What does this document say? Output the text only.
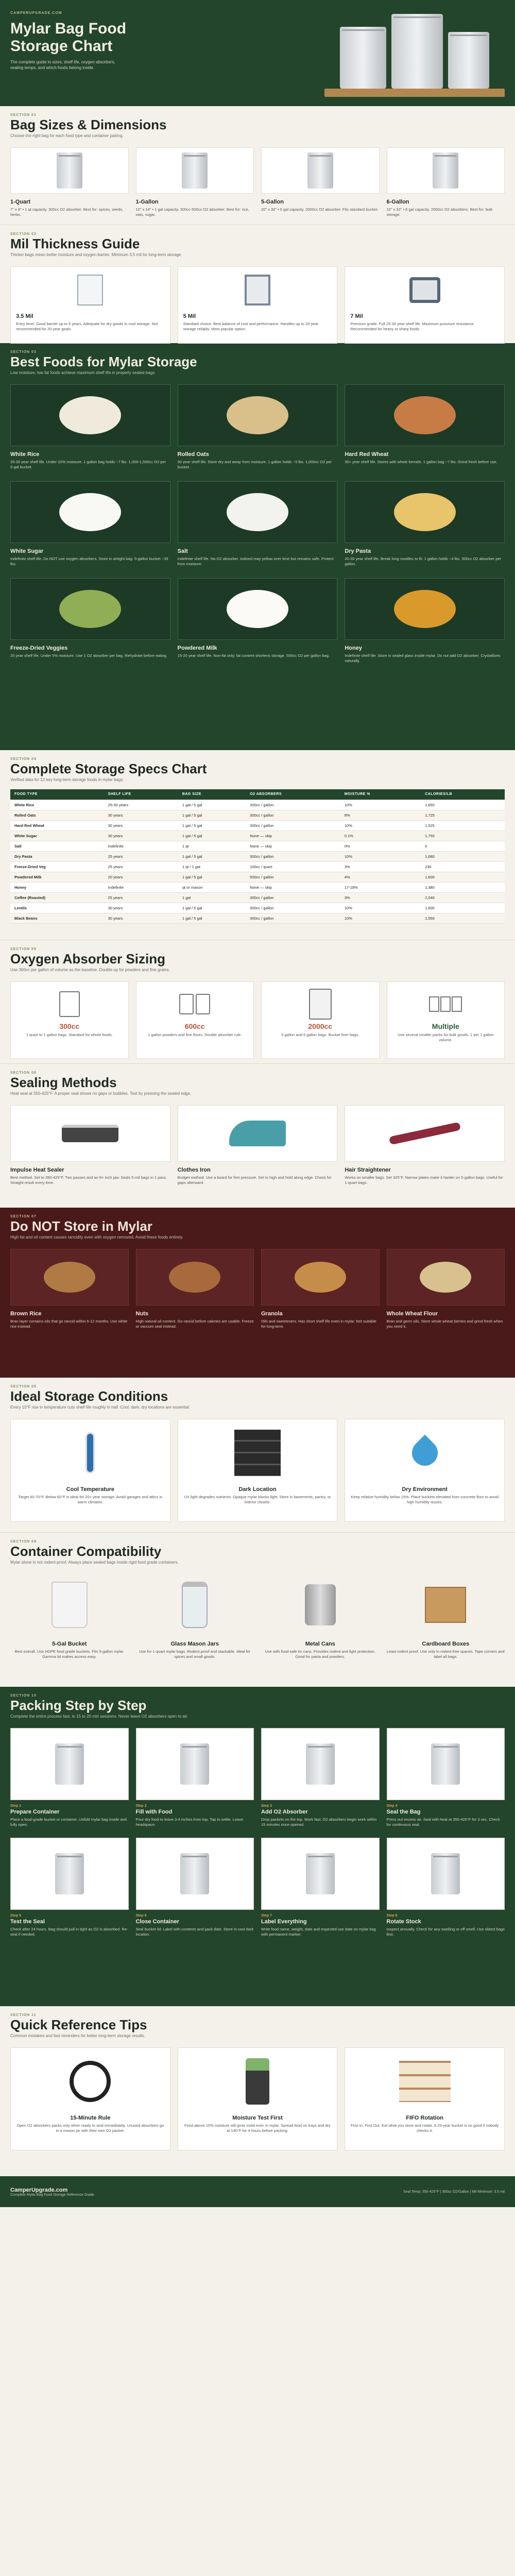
CAMPERUPGRADE.COM
Mylar Bag Food
Storage Chart
The complete guide to sizes, shelf life, oxygen absorbers, sealing temps, and which foods belong inside.
SECTION 01
Bag Sizes & Dimensions
Choose the right bag for each food type and container pairing.
1-Quart
7" x 8" • 1 qt capacity. 300cc O2 absorber. Best for: spices, seeds, herbs.
1-Gallon
10" x 14" • 1 gal capacity. 300cc-500cc O2 absorber. Best for: rice, oats, sugar.
5-Gallon
20" x 30" • 5 gal capacity. 2000cc O2 absorber. Fits standard bucket.
6-Gallon
22" x 32" • 6 gal capacity. 2000cc O2 absorbers. Best for: bulk storage.
SECTION 02
Mil Thickness Guide
Thicker bags mean better moisture and oxygen barrier. Minimum 3.5 mil for long-term storage.
3.5 Mil
Entry level. Good barrier up to 5 years. Adequate for dry goods in cool storage. Not recommended for 20-year goals.
5 Mil
Standard choice. Best balance of cost and performance. Handles up to 20-year storage reliably. Most popular option.
7 Mil
Premium grade. Full 25-30 year shelf life. Maximum puncture resistance. Recommended for heavy or sharp foods.
SECTION 03
Best Foods for Mylar Storage
Low moisture, low fat foods achieve maximum shelf life in properly sealed bags.
White Rice
25-30 year shelf life. Under 10% moisture. 1 gallon bag holds ~7 lbs. 1,000-1,500cc O2 per 5-gal bucket.
Rolled Oats
30 year shelf life. Store dry and away from moisture. 1 gallon holds ~3 lbs. 1,000cc O2 per bucket.
Hard Red Wheat
30+ year shelf life. Stores with whole kernels. 1 gallon bag ~7 lbs. Grind fresh before use.
White Sugar
Indefinite shelf life. Do NOT use oxygen absorbers. Store in airtight bag. 5-gallon bucket ~35 lbs.
Salt
Indefinite shelf life. No O2 absorber. Iodized may yellow over time but remains safe. Protect from moisture.
Dry Pasta
20-30 year shelf life. Break long noodles to fit. 1 gallon holds ~4 lbs. 300cc O2 absorber per gallon.
Freeze-Dried Veggies
25 year shelf life. Under 5% moisture. Use 1 O2 absorber per bag. Rehydrate before eating.
Powdered Milk
15-20 year shelf life. Non-fat only; fat content shortens storage. 500cc O2 per gallon bag.
Honey
Indefinite shelf life. Store in sealed glass inside mylar. Do not add O2 absorber. Crystallizes naturally.
SECTION 04
Complete Storage Specs Chart
Verified data for 12 key long-term storage foods in mylar bags.
FOOD TYPE	SHELF LIFE	BAG SIZE	O2 ABSORBERS	MOISTURE %	CALORIES/LB
White Rice	25-30 years	1 gal / 5 gal	300cc / gallon	10%	1,650
Rolled Oats	30 years	1 gal / 5 gal	300cc / gallon	8%	1,725
Hard Red Wheat	30 years	1 gal / 5 gal	300cc / gallon	10%	1,525
White Sugar	30 years	1 gal / 5 gal	None — skip	0.1%	1,750
Salt	Indefinite	1 qt	None — skip	0%	0
Dry Pasta	25 years	1 gal / 5 gal	300cc / gallon	10%	1,680
Freeze-Dried Veg	25 years	1 qt / 1 gal	100cc / quart	3%	230
Powdered Milk	20 years	1 gal / 5 gal	500cc / gallon	4%	1,600
Honey	Indefinite	qt or mason	None — skip	17-18%	1,380
Coffee (Roasted)	25 years	1 gal	300cc / gallon	3%	2,040
Lentils	30 years	1 gal / 5 gal	300cc / gallon	10%	1,600
Black Beans	30 years	1 gal / 5 gal	300cc / gallon	10%	1,550
SECTION 05
Oxygen Absorber Sizing
Use 300cc per gallon of volume as the baseline. Double up for powders and fine grains.
300cc
1 quart to 1 gallon bags. Standard for whole foods.
600cc
1 gallon powders and fine flours. Double absorber rule.
2000cc
5 gallon and 6 gallon bags. Bucket liner bags.
Multiple
Use several smaller packs for bulk goods. 1 per 1 gallon volume.
SECTION 06
Sealing Methods
Heat seal at 350-425°F. A proper seal shows no gaps or bubbles. Test by pressing the sealed edge.
Impulse Heat Sealer
Best method. Set to 350-425°F. Two passes and an 8+ inch jaw. Seals 5-mil bags in 1 pass. Straight result every time.
Clothes Iron
Budget method. Use a board for firm pressure. Set to high and hold along edge. Check for gaps afterward.
Hair Straightener
Works on smaller bags. Set 325°F. Narrow plates make it harder on 5-gallon bags. Useful for 1-quart bags.
SECTION 07
Do NOT Store in Mylar
High fat and oil content causes rancidity even with oxygen removed. Avoid these foods entirely.
Brown Rice
Bran layer contains oils that go rancid within 6-12 months. Use white rice instead.
Nuts
High natural oil content. Go rancid before calories are usable. Freeze or vacuum seal instead.
Granola
Oils and sweeteners. Has short shelf life even in mylar. Not suitable for long-term.
Whole Wheat Flour
Bran and germ oils. Store whole wheat berries and grind fresh when you need it.
SECTION 08
Ideal Storage Conditions
Every 10°F rise in temperature cuts shelf life roughly in half. Cool, dark, dry locations are essential.
Cool Temperature
Target 40-70°F. Below 60°F is ideal for 20+ year storage. Avoid garages and attics in warm climates.
Dark Location
UV light degrades nutrients. Opaque mylar blocks light. Store in basements, pantry, or interior closets.
Dry Environment
Keep relative humidity below 15%. Place buckets elevated from concrete floor to avoid high humidity issues.
SECTION 09
Container Compatibility
Mylar alone is not rodent-proof. Always place sealed bags inside rigid food grade containers.
5-Gal Bucket
Best overall. Use HDPE food grade buckets. Fits 5-gallon mylar. Gamma lid makes access easy.
Glass Mason Jars
Use for 1-quart mylar bags. Rodent proof and stackable. Ideal for spices and small goods.
Metal Cans
Use with food-safe tin cans. Provides rodent and light protection. Good for pasta and powders.
Cardboard Boxes
Least rodent proof. Use only in rodent-free spaces. Tape corners and label all bags.
SECTION 10
Packing Step by Step
Complete the entire process fast, in 15 to 20 min sessions. Never leave O2 absorbers open to air.
Step 1
Prepare Container
Place a food-grade bucket or container. Unfold mylar bag inside and fully open.
Step 2
Fill with Food
Pour dry food to leave 3-4 inches from top. Tap to settle. Leave headspace.
Step 3
Add O2 Absorber
Drop packets on the top. Work fast: O2 absorbers begin work within 15 minutes once opened.
Step 4
Seal the Bag
Press out excess air. Seal with heat at 350-425°F for 3 sec. Check for continuous seal.
Step 5
Test the Seal
Check after 24 hours. Bag should pull in tight as O2 is absorbed. Re-seal if needed.
Step 6
Close Container
Seal bucket lid. Label with contents and pack date. Store in cool dark location.
Step 7
Label Everything
Write food name, weight, date and expected use date on mylar bag with permanent marker.
Step 8
Rotate Stock
Inspect annually. Check for any swelling or off smell. Use oldest bags first.
SECTION 11
Quick Reference Tips
Common mistakes and fast reminders for better long-term storage results.
15-Minute Rule
Open O2 absorbers packs only when ready to seal immediately. Unused absorbers go in a mason jar with their own O2 packet.
Moisture Test First
Food above 10% moisture will grow mold even in mylar. Spread food on trays and dry at 140°F for 4 hours before packing.
FIFO Rotation
First In, First Out. Eat what you store and rotate. A 20-year bucket is no good if nobody checks it.
CamperUpgrade.com
Complete Mylar Bag Food Storage Reference Guide
Seal Temp: 350-425°F | 300cc O2/Gallon | Mil Minimum: 3.5 mil
